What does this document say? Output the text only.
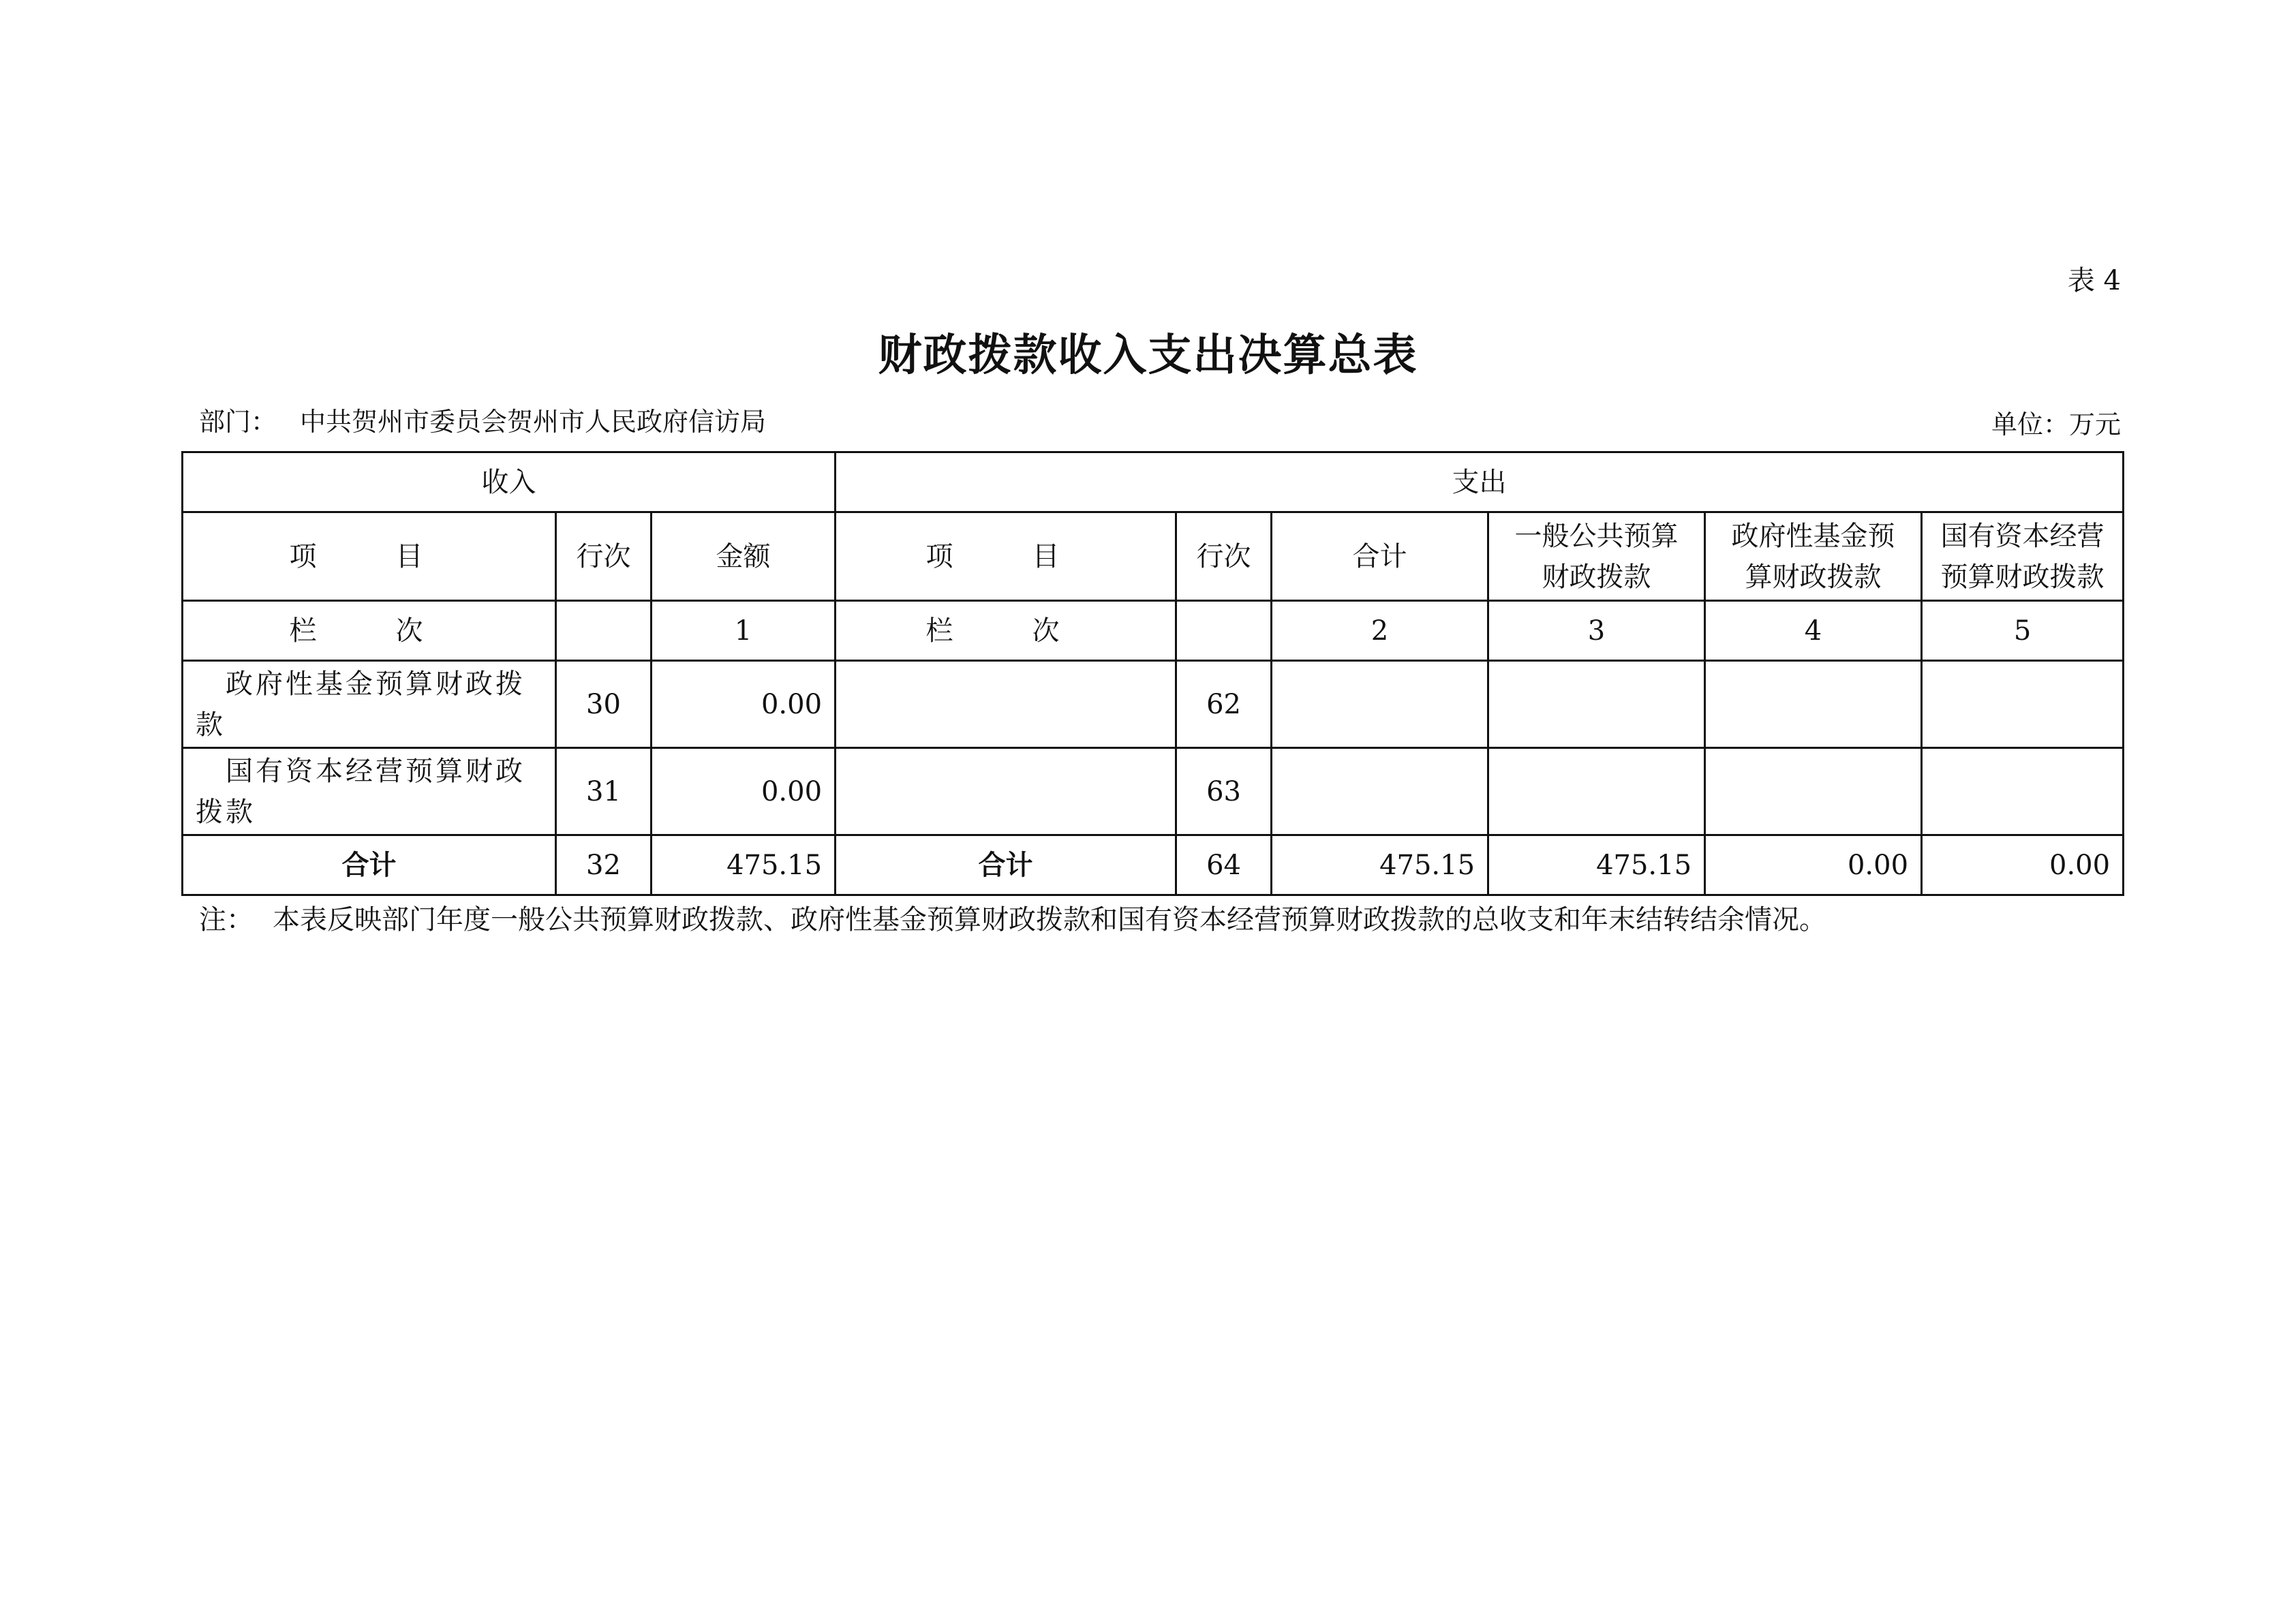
表 4
财政拨款收入支出决算总表
部门： 中共贺州市委员会贺州市人民政府信访局	单位：万元
收入			支出					
项　目	行次	金额	项　目	行次	合计	一般公共预算财政拨款	政府性基金预算财政拨款	国有资本经营预算财政拨款
栏　次		1	栏　次		2	3	4	5
　政府性基金预算财政拨款	30	0.00		62				
　国有资本经营预算财政拨款	31	0.00		63				
合计	32	475.15	合计	64	475.15	475.15	0.00	0.00
注： 本表反映部门年度一般公共预算财政拨款、政府性基金预算财政拨款和国有资本经营预算财政拨款的总收支和年末结转结余情况。
